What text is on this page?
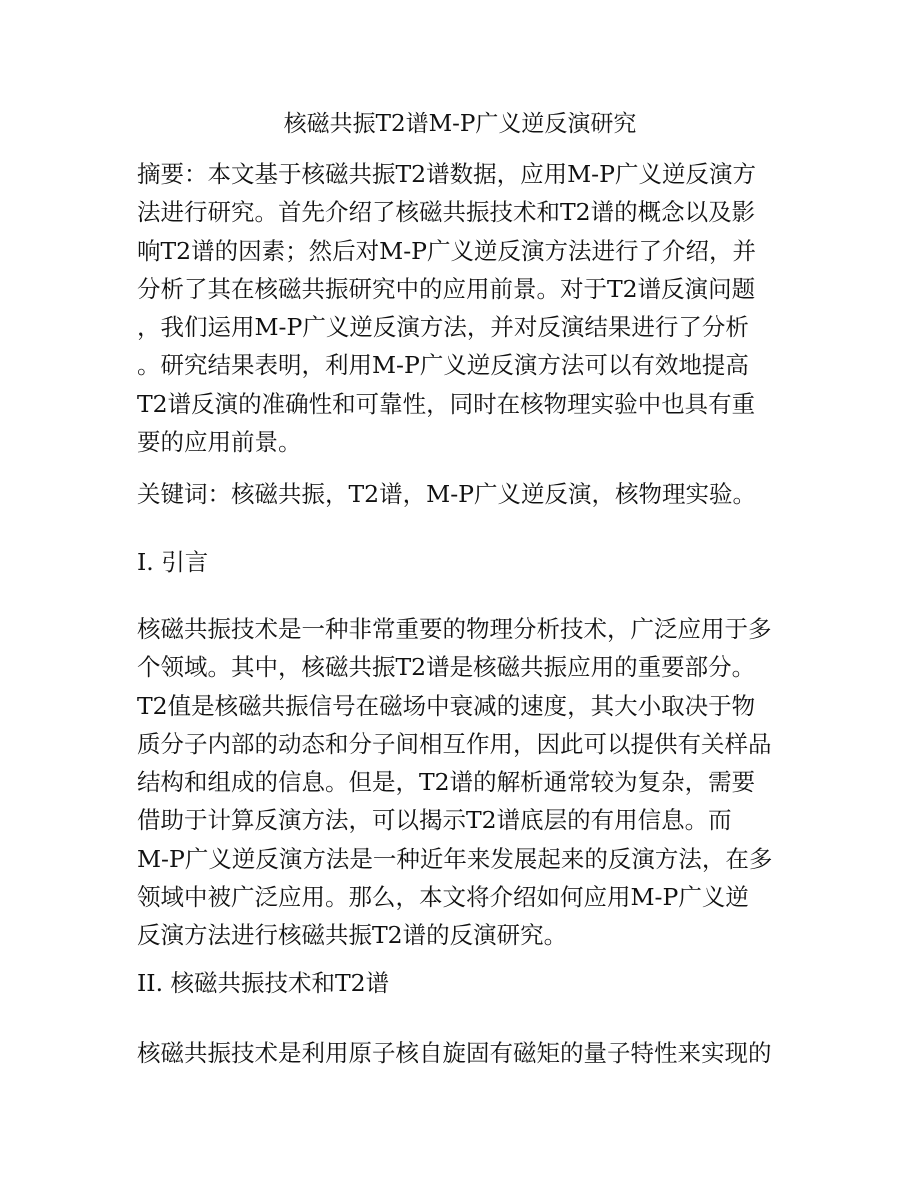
核磁共振T2谱M-P广义逆反演研究
摘要：本文基于核磁共振T2谱数据，应用M-P广义逆反演方
法进行研究。首先介绍了核磁共振技术和T2谱的概念以及影
响T2谱的因素；然后对M-P广义逆反演方法进行了介绍，并
分析了其在核磁共振研究中的应用前景。对于T2谱反演问题
，我们运用M-P广义逆反演方法，并对反演结果进行了分析
。研究结果表明，利用M-P广义逆反演方法可以有效地提高
T2谱反演的准确性和可靠性，同时在核物理实验中也具有重
要的应用前景。
关键词：核磁共振，T2谱，M-P广义逆反演，核物理实验。
I. 引言
核磁共振技术是一种非常重要的物理分析技术，广泛应用于多
个领域。其中，核磁共振T2谱是核磁共振应用的重要部分。
T2值是核磁共振信号在磁场中衰减的速度，其大小取决于物
质分子内部的动态和分子间相互作用，因此可以提供有关样品
结构和组成的信息。但是，T2谱的解析通常较为复杂，需要
借助于计算反演方法，可以揭示T2谱底层的有用信息。而
M-P广义逆反演方法是一种近年来发展起来的反演方法，在多
领域中被广泛应用。那么，本文将介绍如何应用M-P广义逆
反演方法进行核磁共振T2谱的反演研究。
II. 核磁共振技术和T2谱
核磁共振技术是利用原子核自旋固有磁矩的量子特性来实现的
